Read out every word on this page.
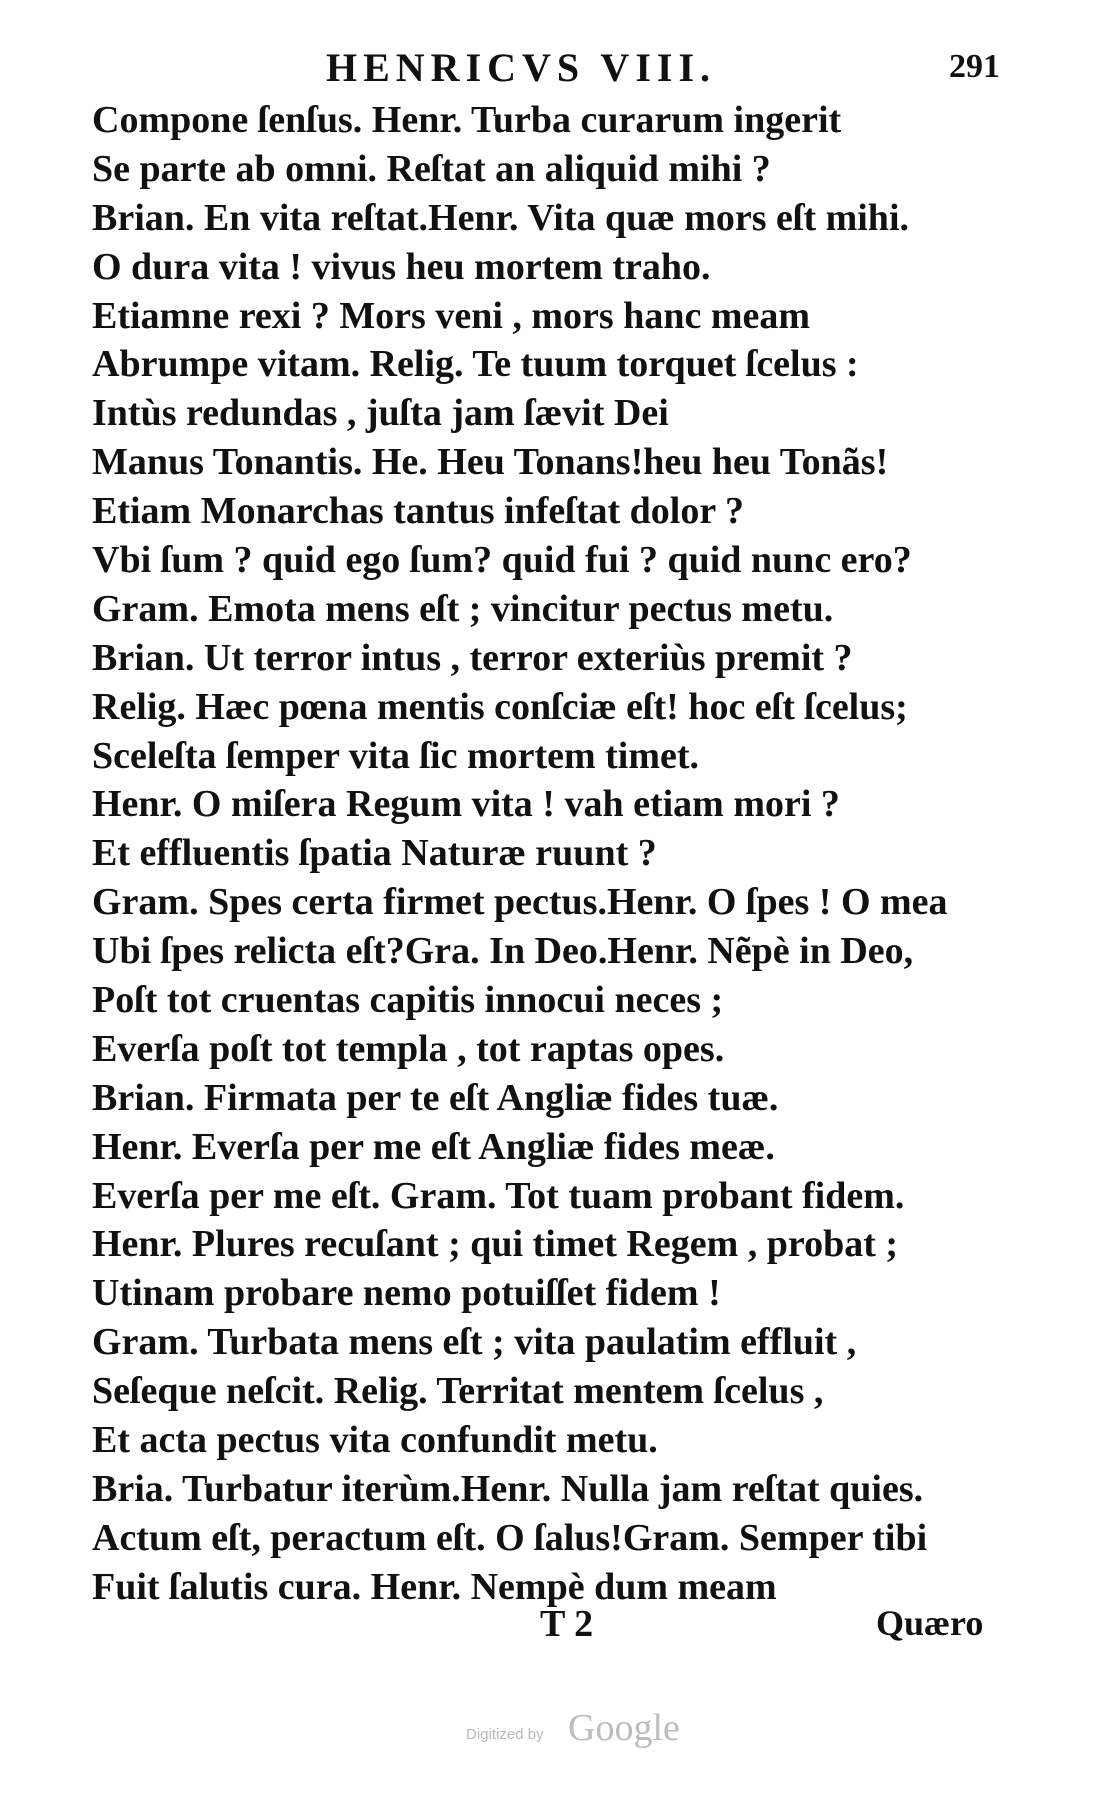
HENRICVS VIII.	291
Compone ſenſus. Henr. Turba curarum ingerit
Se parte ab omni. Reſtat an aliquid mihi ?
Brian. En vita reſtat.Henr. Vita quæ mors eſt mihi.
O dura vita ! vivus heu mortem traho.
Etiamne rexi ? Mors veni , mors hanc meam
Abrumpe vitam. Relig. Te tuum torquet ſcelus :
Intùs redundas , juſta jam ſævit Dei
Manus Tonantis. He. Heu Tonans!heu heu Tonãs!
Etiam Monarchas tantus infeſtat dolor ?
Vbi ſum ? quid ego ſum? quid fui ? quid nunc ero?
Gram. Emota mens eſt ; vincitur pectus metu.
Brian. Ut terror intus , terror exteriùs premit ?
Relig. Hæc pœna mentis conſciæ eſt! hoc eſt ſcelus;
Sceleſta ſemper vita ſic mortem timet.
Henr. O miſera Regum vita ! vah etiam mori ?
Et effluentis ſpatia Naturæ ruunt ?
Gram. Spes certa firmet pectus.Henr. O ſpes ! O mea
Ubi ſpes relicta eſt?Gra. In Deo.Henr. Nẽpè in Deo,
Poſt tot cruentas capitis innocui neces ;
Everſa poſt tot templa , tot raptas opes.
Brian. Firmata per te eſt Angliæ fides tuæ.
Henr. Everſa per me eſt Angliæ fides meæ.
Everſa per me eſt. Gram. Tot tuam probant fidem.
Henr. Plures recuſant ; qui timet Regem , probat ;
Utinam probare nemo potuiſſet fidem !
Gram. Turbata mens eſt ; vita paulatim effluit ,
Seſeque neſcit. Relig. Territat mentem ſcelus ,
Et acta pectus vita confundit metu.
Bria. Turbatur iterùm.Henr. Nulla jam reſtat quies.
Actum eſt, peractum eſt. O ſalus!Gram. Semper tibi
Fuit ſalutis cura. Henr. Nempè dum meam
T 2	Quæro
Digitized by Google
